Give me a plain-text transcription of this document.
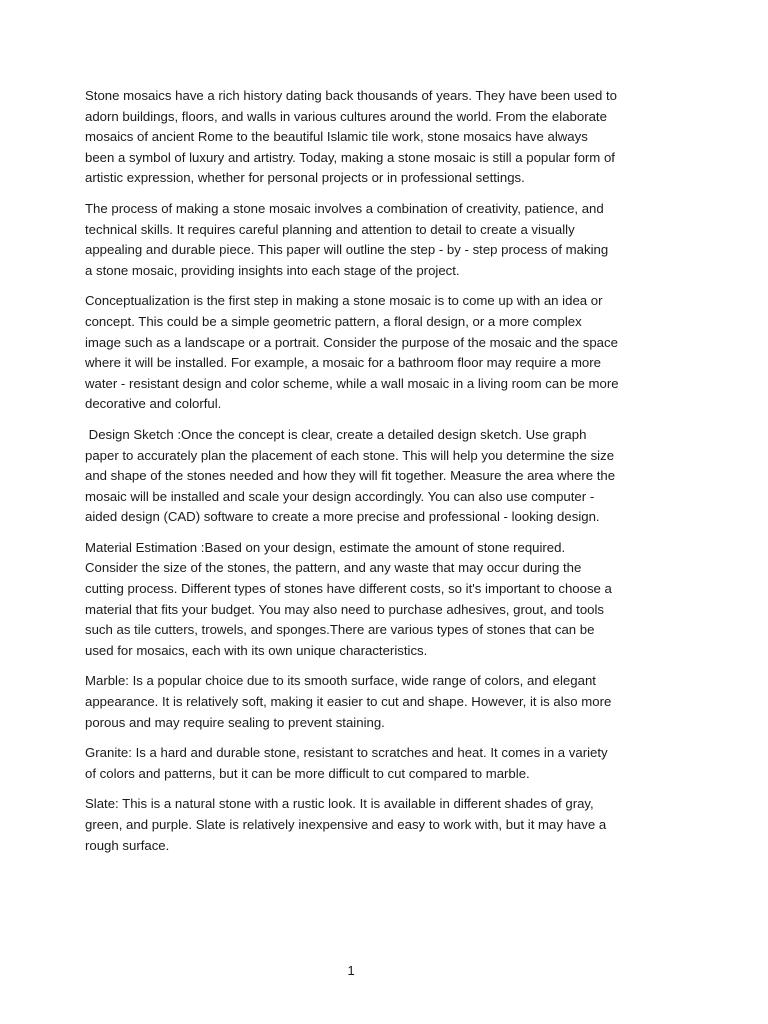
Stone mosaics have a rich history dating back thousands of years. They have been used to adorn buildings, floors, and walls in various cultures around the world. From the elaborate mosaics of ancient Rome to the beautiful Islamic tile work, stone mosaics have always been a symbol of luxury and artistry. Today, making a stone mosaic is still a popular form of artistic expression, whether for personal projects or in professional settings.

The process of making a stone mosaic involves a combination of creativity, patience, and technical skills. It requires careful planning and attention to detail to create a visually appealing and durable piece. This paper will outline the step - by - step process of making a stone mosaic, providing insights into each stage of the project.

Conceptualization is the first step in making a stone mosaic is to come up with an idea or concept. This could be a simple geometric pattern, a floral design, or a more complex image such as a landscape or a portrait. Consider the purpose of the mosaic and the space where it will be installed. For example, a mosaic for a bathroom floor may require a more water - resistant design and color scheme, while a wall mosaic in a living room can be more decorative and colorful.

Design Sketch :Once the concept is clear, create a detailed design sketch. Use graph paper to accurately plan the placement of each stone. This will help you determine the size and shape of the stones needed and how they will fit together. Measure the area where the mosaic will be installed and scale your design accordingly. You can also use computer - aided design (CAD) software to create a more precise and professional - looking design.

Material Estimation :Based on your design, estimate the amount of stone required. Consider the size of the stones, the pattern, and any waste that may occur during the cutting process. Different types of stones have different costs, so it's important to choose a material that fits your budget. You may also need to purchase adhesives, grout, and tools such as tile cutters, trowels, and sponges.There are various types of stones that can be used for mosaics, each with its own unique characteristics.

Marble: Is a popular choice due to its smooth surface, wide range of colors, and elegant appearance. It is relatively soft, making it easier to cut and shape. However, it is also more porous and may require sealing to prevent staining.

Granite: Is a hard and durable stone, resistant to scratches and heat. It comes in a variety of colors and patterns, but it can be more difficult to cut compared to marble.

Slate: This is a natural stone with a rustic look. It is available in different shades of gray, green, and purple. Slate is relatively inexpensive and easy to work with, but it may have a rough surface.

1
